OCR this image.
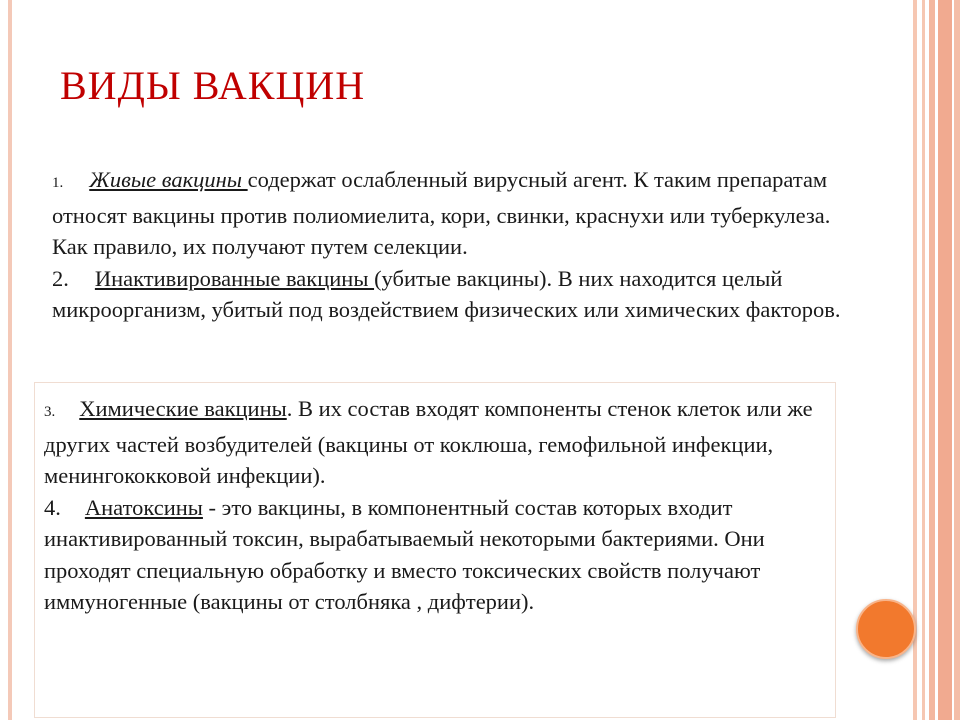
ВИДЫ ВАКЦИН

1. Живые вакцины содержат ослабленный вирусный агент. К таким препаратам относят вакцины против полиомиелита, кори, свинки, краснухи или туберкулеза. Как правило, их получают путем селекции.
2. Инактивированные вакцины (убитые вакцины). В них находится целый микроорганизм, убитый под воздействием физических или химических факторов.

3. Химические вакцины. В их состав входят компоненты стенок клеток или же других частей возбудителей (вакцины от коклюша, гемофильной инфекции, менингококковой инфекции).
4. Анатоксины - это вакцины, в компонентный состав которых входит инактивированный токсин, вырабатываемый некоторыми бактериями. Они проходят специальную обработку и вместо токсических свойств получают иммуногенные (вакцины от столбняка , дифтерии).
